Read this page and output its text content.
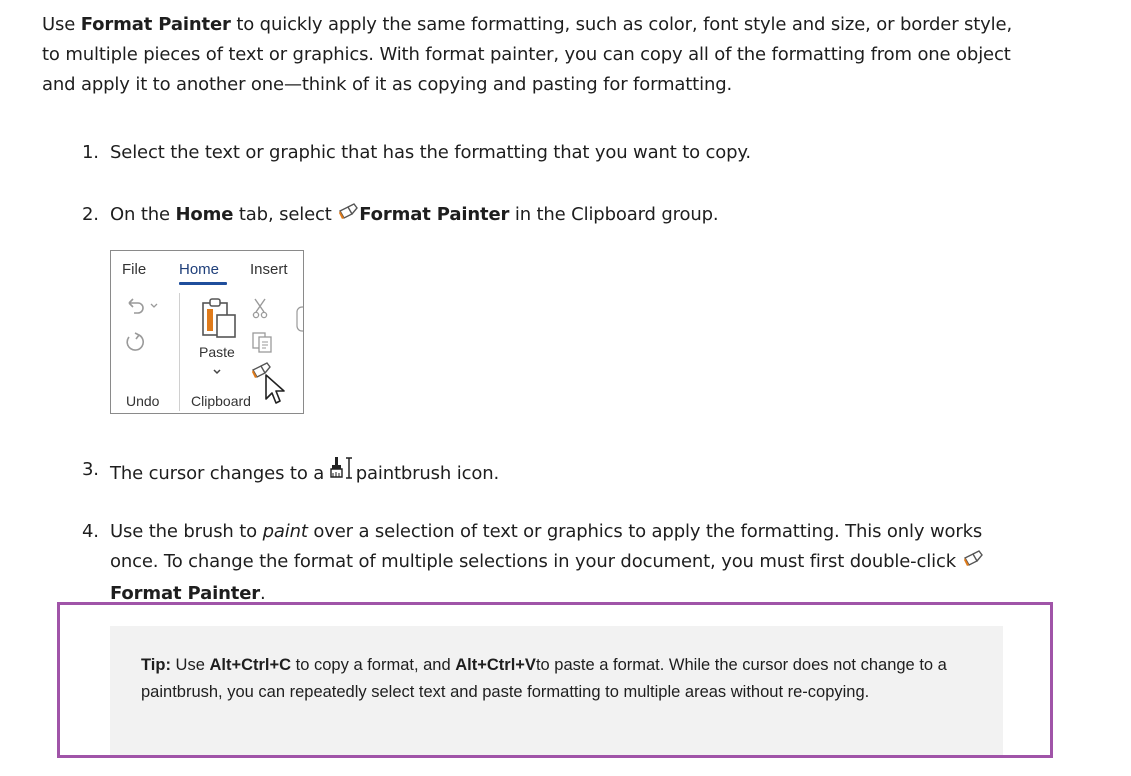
Use Format Painter to quickly apply the same formatting, such as color, font style and size, or border style, to multiple pieces of text or graphics. With format painter, you can copy all of the formatting from one object and apply it to another one—think of it as copying and pasting for formatting.
1. Select the text or graphic that has the formatting that you want to copy.
2. On the Home tab, select Format Painter in the Clipboard group.
File Home Insert
Paste
Undo Clipboard
3. The cursor changes to a paintbrush icon.
4. Use the brush to paint over a selection of text or graphics to apply the formatting. This only works once. To change the format of multiple selections in your document, you must first double-click  Format Painter.
Tip: Use Alt+Ctrl+C to copy a format, and Alt+Ctrl+Vto paste a format. While the cursor does not change to a paintbrush, you can repeatedly select text and paste formatting to multiple areas without re-copying.
